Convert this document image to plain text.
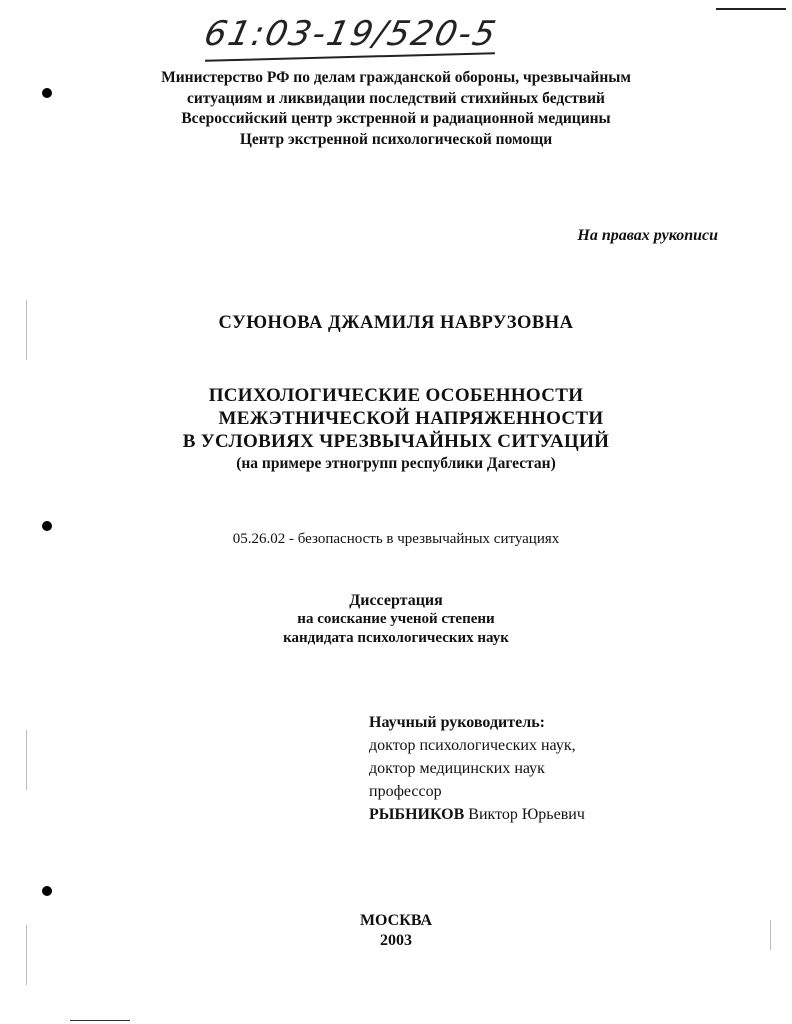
61:03-19/520-5
Министерство РФ по делам гражданской обороны, чрезвычайным
ситуациям и ликвидации последствий стихийных бедствий
Всероссийский центр экстренной и радиационной медицины
Центр экстренной психологической помощи
На правах рукописи
СУЮНОВА ДЖАМИЛЯ НАВРУЗОВНА
ПСИХОЛОГИЧЕСКИЕ ОСОБЕННОСТИ
МЕЖЭТНИЧЕСКОЙ НАПРЯЖЕННОСТИ
В УСЛОВИЯХ ЧРЕЗВЫЧАЙНЫХ СИТУАЦИЙ
(на примере этногрупп республики Дагестан)
05.26.02 - безопасность в чрезвычайных ситуациях
Диссертация
на соискание ученой степени
кандидата психологических наук
Научный руководитель:
доктор психологических наук,
доктор медицинских наук
профессор
РЫБНИКОВ Виктор Юрьевич
МОСКВА
2003
